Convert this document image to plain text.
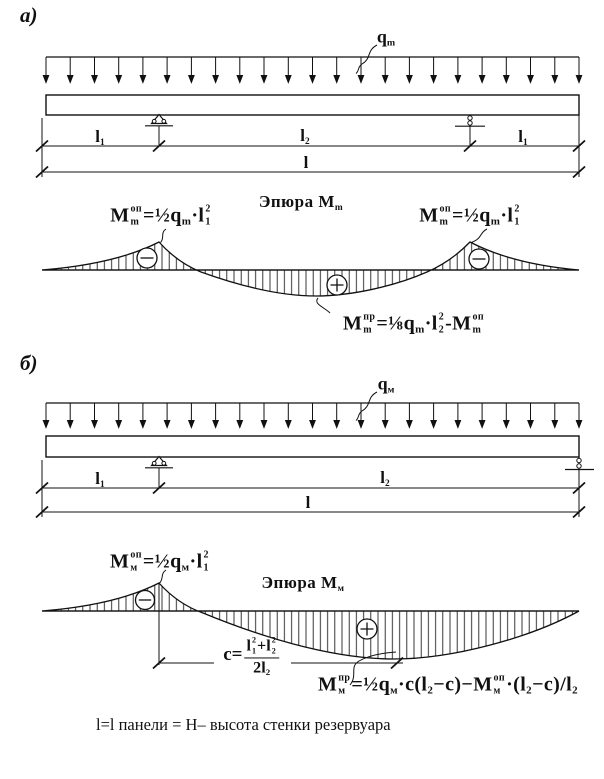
а)
$q_m$
Эпюра $M_m$
M оп
$m =\frac{1}{2}q_m\cdot l$ 2
1	M оп
$m =\frac{1}{2}q_m\cdot l$ 2
1
M пр
$m =\frac{1}{8}q_m\cdot l$ 2
2 -M оп
m
$l_1$	$l_2$	$l_1$
l
б)
$q_м$
Эпюра $M_м$
M оп
$м =\frac{1}{2}q_м\cdot l$ 2
1
c= l 2
1 +l 2
2
$2l_2$
M пр
$м =\frac{1}{2}q_м\cdot c(l_2-c)-M$ оп
$м \cdot(l_2-c)/l_2$
$l_1$	$l_2$
l
l=l панели = H– высота стенки резервуара
